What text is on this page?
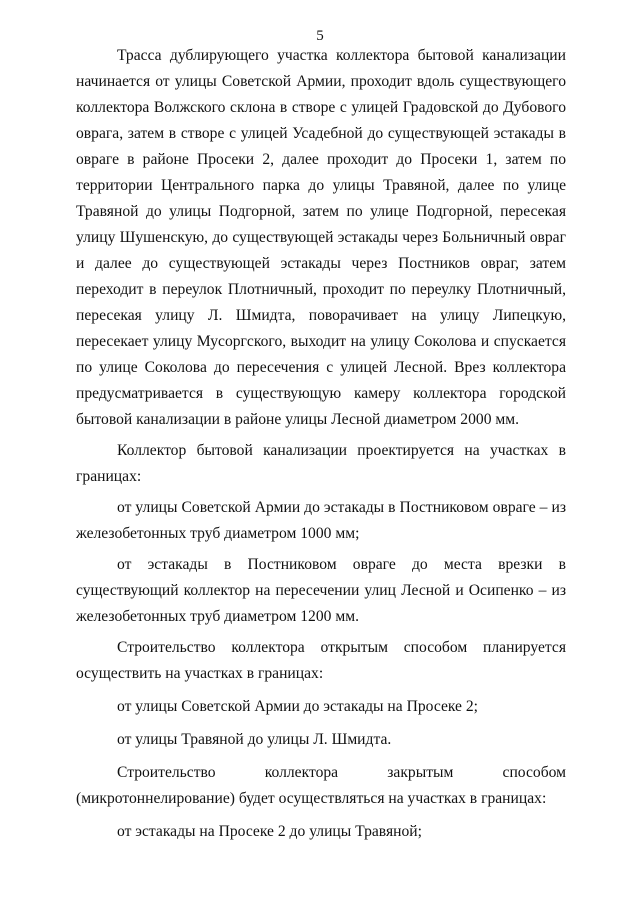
5

Трасса дублирующего участка коллектора бытовой канализации начинается от улицы Советской Армии, проходит вдоль существующего коллектора Волжского склона в створе с улицей Градовской до Дубового оврага, затем в створе с улицей Усадебной до существующей эстакады в овраге в районе Просеки 2, далее проходит до Просеки 1, затем по территории Центрального парка до улицы Травяной, далее по улице Травяной до улицы Подгорной, затем по улице Подгорной, пересекая улицу Шушенскую, до существующей эстакады через Больничный овраг и далее до существующей эстакады через Постников овраг, затем переходит в переулок Плотничный, проходит по переулку Плотничный, пересекая улицу Л. Шмидта, поворачивает на улицу Липецкую, пересекает улицу Мусоргского, выходит на улицу Соколова и спускается по улице Соколова до пересечения с улицей Лесной. Врез коллектора предусматривается в существующую камеру коллектора городской бытовой канализации в районе улицы Лесной диаметром 2000 мм.

Коллектор бытовой канализации проектируется на участках в границах:

от улицы Советской Армии до эстакады в Постниковом овраге – из железобетонных труб диаметром 1000 мм;

от эстакады в Постниковом овраге до места врезки в существующий коллектор на пересечении улиц Лесной и Осипенко – из железобетонных труб диаметром 1200 мм.

Строительство коллектора открытым способом планируется осуществить на участках в границах:

от улицы Советской Армии до эстакады на Просеке 2;

от улицы Травяной до улицы Л. Шмидта.

Строительство коллектора закрытым способом (микротоннелирование) будет осуществляться на участках в границах:

от эстакады на Просеке 2 до улицы Травяной;
